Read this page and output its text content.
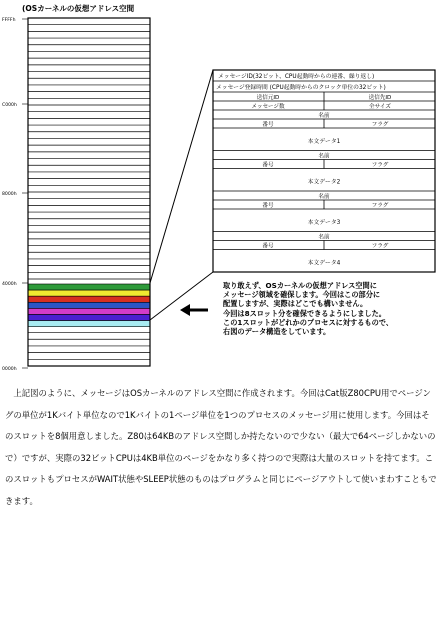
(OSカーネルの仮想アドレス空間
FFFFh
C000h
8000h
4000h
0000h
メッセージID(32ビット、CPU起動時からの連番、繰り返し)
メッセージ登録時間 (CPU起動時からのクロック単位の32ビット)
送信元ID	送信先ID
メッセージ数	全サイズ
名前
番号	フラグ
本文データ1
名前
番号	フラグ
本文データ2
名前
番号	フラグ
本文データ3
名前
番号	フラグ
本文データ4
取り敢えず、OSカーネルの仮想アドレス空間に
メッセージ領域を確保します。今回はこの部分に
配置しますが、実際はどこでも構いません。
今回は8スロット分を確保できるようにしました。
この1スロットがどれかのプロセスに対するもので、
右図のデータ構造をしています。

上記図のように、メッセージはOSカーネルのアドレス空間に作成されます。今回はCat版Z80CPU用でページングの単位が1Kバイト単位なので1Kバイトの1ページ単位を1つのプロセスのメッセージ用に使用します。今回はそのスロットを8個用意しました。Z80は64KBのアドレス空間しか持たないので少ない（最大で64ページしかないので）ですが、実際の32ビットCPUは4KB単位のページをかなり多く持つので実際は大量のスロットを持てます。このスロットもプロセスがWAIT状態やSLEEP状態のものはプログラムと同じにページアウトして使いまわすこともできます。
